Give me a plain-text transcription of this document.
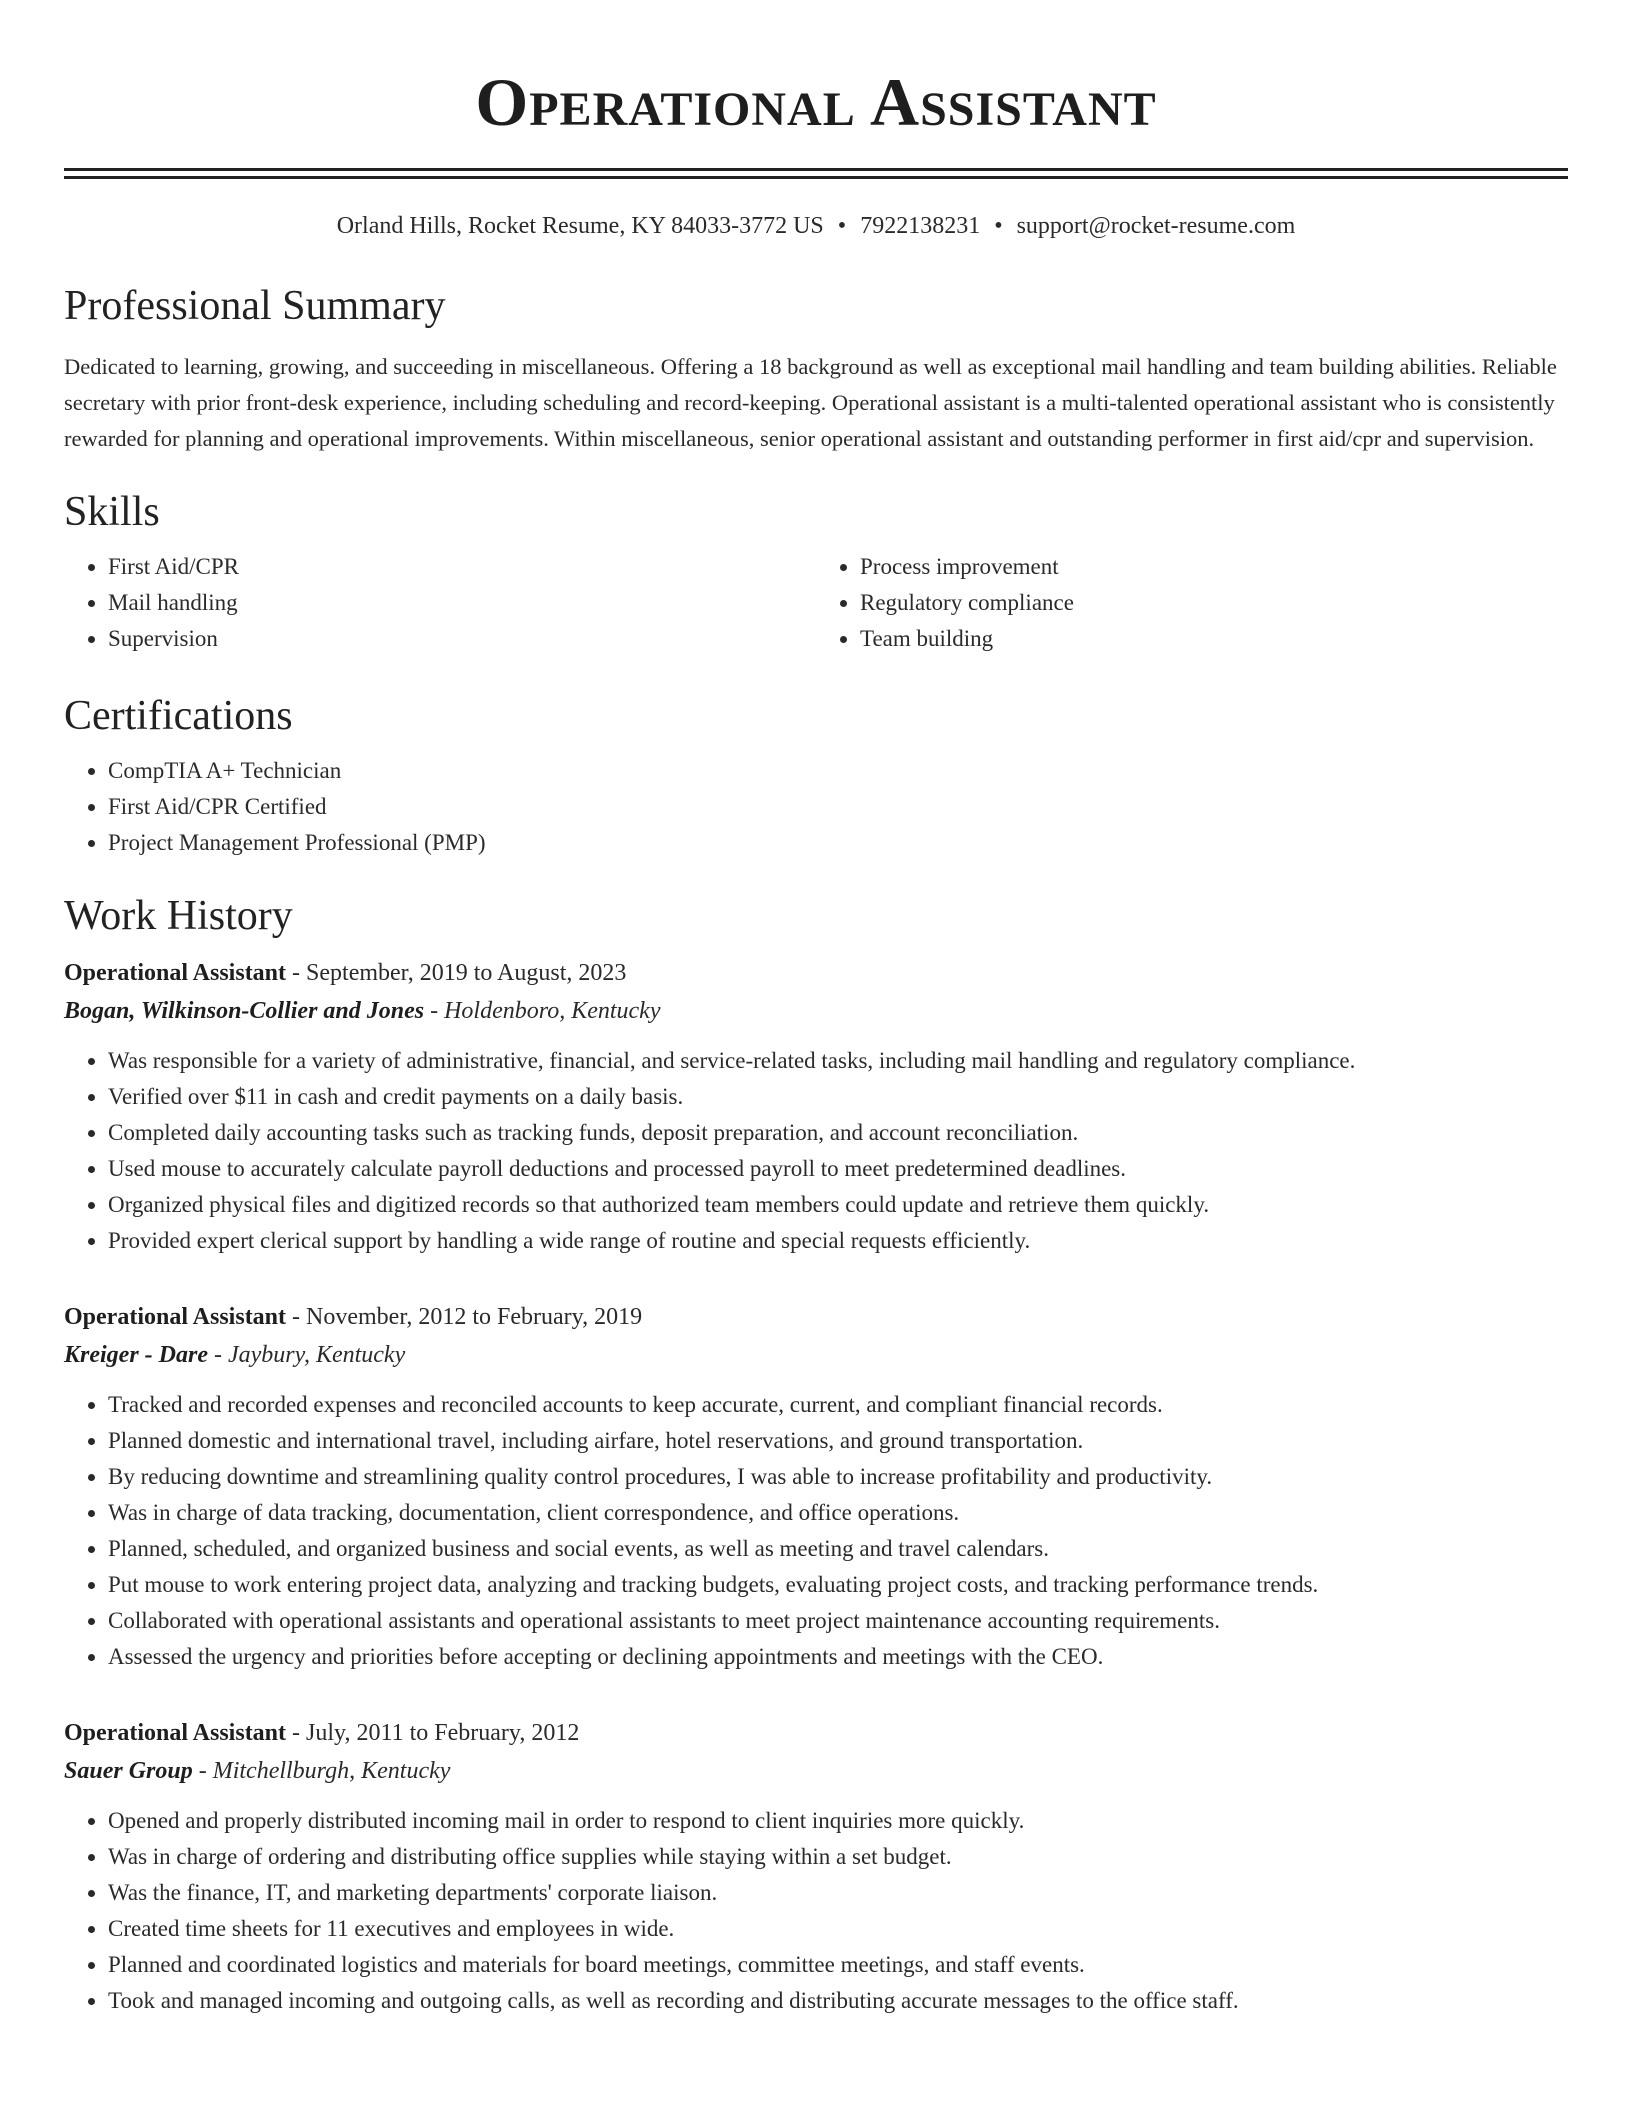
Operational Assistant
Orland Hills, Rocket Resume, KY 84033-3772 US • 7922138231 • support@rocket-resume.com
Professional Summary
Dedicated to learning, growing, and succeeding in miscellaneous. Offering a 18 background as well as exceptional mail handling and team building abilities. Reliable secretary with prior front-desk experience, including scheduling and record-keeping. Operational assistant is a multi-talented operational assistant who is consistently rewarded for planning and operational improvements. Within miscellaneous, senior operational assistant and outstanding performer in first aid/cpr and supervision.
Skills
• First Aid/CPR
• Mail handling
• Supervision
• Process improvement
• Regulatory compliance
• Team building
Certifications
• CompTIA A+ Technician
• First Aid/CPR Certified
• Project Management Professional (PMP)
Work History
Operational Assistant - September, 2019 to August, 2023
Bogan, Wilkinson-Collier and Jones - Holdenboro, Kentucky
• Was responsible for a variety of administrative, financial, and service-related tasks, including mail handling and regulatory compliance.
• Verified over $11 in cash and credit payments on a daily basis.
• Completed daily accounting tasks such as tracking funds, deposit preparation, and account reconciliation.
• Used mouse to accurately calculate payroll deductions and processed payroll to meet predetermined deadlines.
• Organized physical files and digitized records so that authorized team members could update and retrieve them quickly.
• Provided expert clerical support by handling a wide range of routine and special requests efficiently.
Operational Assistant - November, 2012 to February, 2019
Kreiger - Dare - Jaybury, Kentucky
• Tracked and recorded expenses and reconciled accounts to keep accurate, current, and compliant financial records.
• Planned domestic and international travel, including airfare, hotel reservations, and ground transportation.
• By reducing downtime and streamlining quality control procedures, I was able to increase profitability and productivity.
• Was in charge of data tracking, documentation, client correspondence, and office operations.
• Planned, scheduled, and organized business and social events, as well as meeting and travel calendars.
• Put mouse to work entering project data, analyzing and tracking budgets, evaluating project costs, and tracking performance trends.
• Collaborated with operational assistants and operational assistants to meet project maintenance accounting requirements.
• Assessed the urgency and priorities before accepting or declining appointments and meetings with the CEO.
Operational Assistant - July, 2011 to February, 2012
Sauer Group - Mitchellburgh, Kentucky
• Opened and properly distributed incoming mail in order to respond to client inquiries more quickly.
• Was in charge of ordering and distributing office supplies while staying within a set budget.
• Was the finance, IT, and marketing departments' corporate liaison.
• Created time sheets for 11 executives and employees in wide.
• Planned and coordinated logistics and materials for board meetings, committee meetings, and staff events.
• Took and managed incoming and outgoing calls, as well as recording and distributing accurate messages to the office staff.
